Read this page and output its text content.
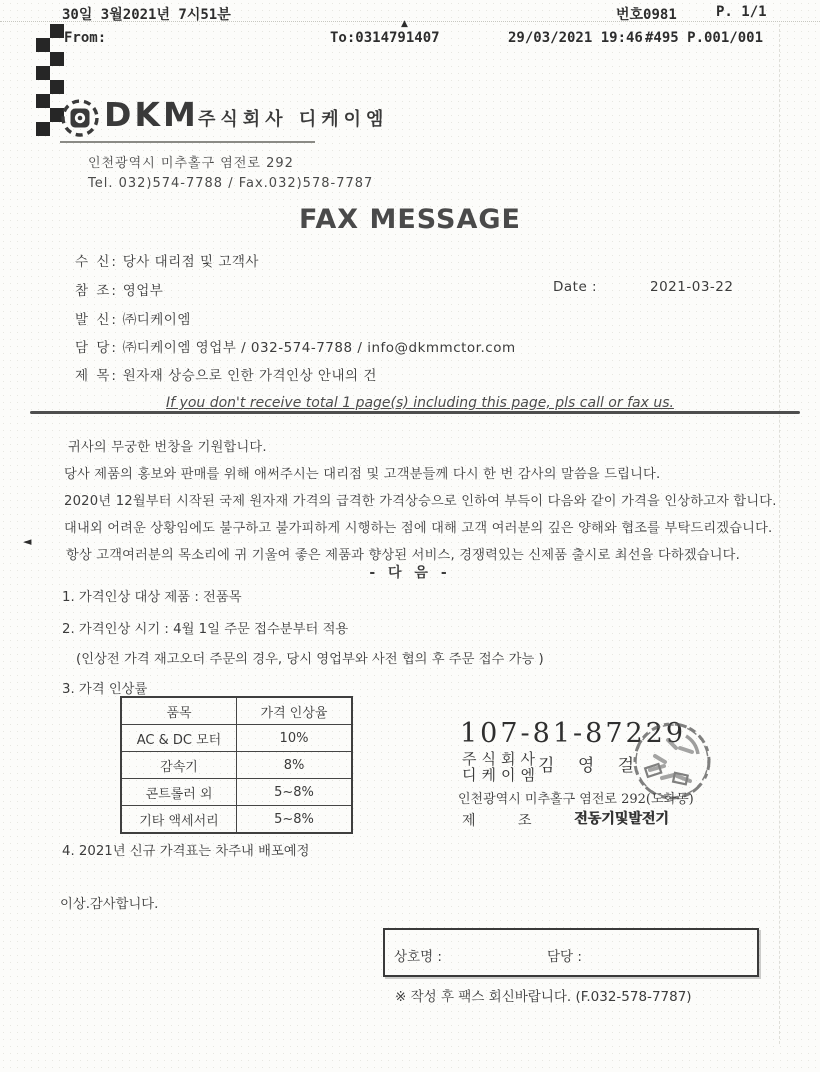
30일 3월2021년 7시51분	번호0981	P. 1/1
From:
▲
To:0314791407	29/03/2021 19:46 #495 P.001/001
DKM 주식회사 디케이엠
인천광역시 미추홀구 염전로 292
Tel. 032)574-7788 / Fax.032)578-7787
FAX MESSAGE
수 신: 당사 대리점 및 고객사
참 조: 영업부	Date :	2021-03-22
발 신: ㈜디케이엠
담 당: ㈜디케이엠 영업부 / 032-574-7788 / info@dkmmctor.com
제 목: 원자재 상승으로 인한 가격인상 안내의 건
If you don't receive total 1 page(s) including this page, pls call or fax us.
귀사의 무궁한 번창을 기원합니다.
당사 제품의 홍보와 판매를 위해 애써주시는 대리점 및 고객분들께 다시 한 번 감사의 말씀을 드립니다.
2020년 12월부터 시작된 국제 원자재 가격의 급격한 가격상승으로 인하여 부득이 다음와 같이 가격을 인상하고자 합니다.
대내외 어려운 상황임에도 불구하고 불가피하게 시행하는 점에 대해 고객 여러분의 깊은 양해와 협조를 부탁드리겠습니다.
◄
항상 고객여러분의 목소리에 귀 기울여 좋은 제품과 향상된 서비스, 경쟁력있는 신제품 출시로 최선을 다하겠습니다.
- 다 음 -
1. 가격인상 대상 제품 : 전품목
2. 가격인상 시기 : 4월 1일 주문 접수분부터 적용
(인상전 가격 재고오더 주문의 경우, 당시 영업부와 사전 협의 후 주문 접수 가능 )
3. 가격 인상률
품목	가격 인상율
AC & DC 모터	10%
감속기	8%
콘트롤러 외	5~8%
기타 액세서리	5~8%
107-81-87229
주식회사
디케이엠
김 영 걸
인천광역시 미추홀구 염전로 292(도화동)
제	조	전동기및발전기
4. 2021년 신규 가격표는 차주내 배포예정
이상.감사합니다.
상호명 :	담당 :
※ 작성 후 팩스 회신바랍니다. (F.032-578-7787)
